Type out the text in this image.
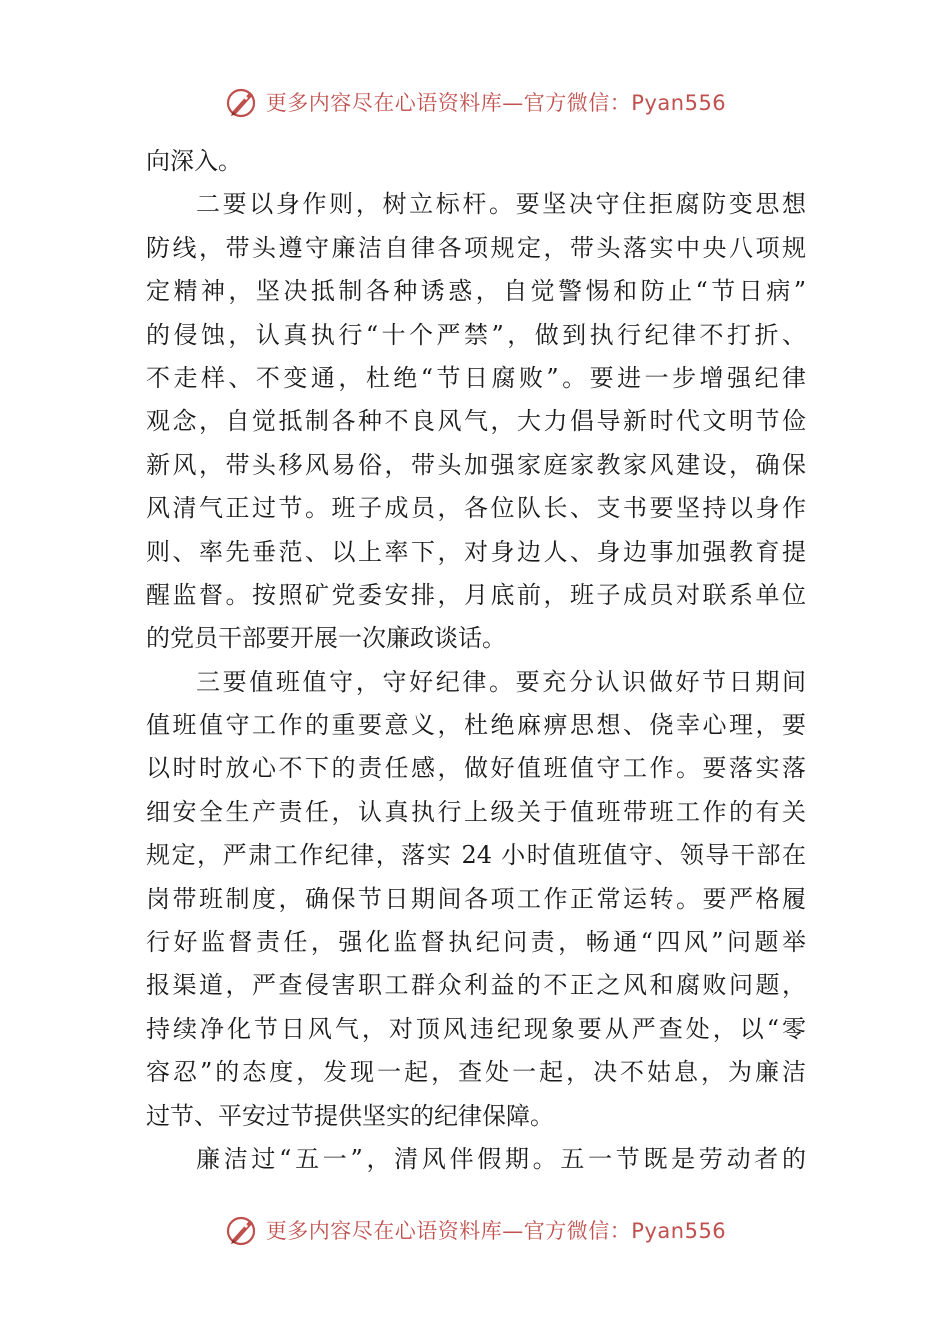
更多内容尽在心语资料库—官方微信：Pyan556
向深入。
二要以身作则，树立标杆。要坚决守住拒腐防变思想
防线，带头遵守廉洁自律各项规定，带头落实中央八项规
定精神，坚决抵制各种诱惑，自觉警惕和防止“节日病”
的侵蚀，认真执行“十个严禁”，做到执行纪律不打折、
不走样、不变通，杜绝“节日腐败”。要进一步增强纪律
观念，自觉抵制各种不良风气，大力倡导新时代文明节俭
新风，带头移风易俗，带头加强家庭家教家风建设，确保
风清气正过节。班子成员，各位队长、支书要坚持以身作
则、率先垂范、以上率下，对身边人、身边事加强教育提
醒监督。按照矿党委安排，月底前，班子成员对联系单位
的党员干部要开展一次廉政谈话。
三要值班值守，守好纪律。要充分认识做好节日期间
值班值守工作的重要意义，杜绝麻痹思想、侥幸心理，要
以时时放心不下的责任感，做好值班值守工作。要落实落
细安全生产责任，认真执行上级关于值班带班工作的有关
规定，严肃工作纪律，落实 24 小时值班值守、领导干部在
岗带班制度，确保节日期间各项工作正常运转。要严格履
行好监督责任，强化监督执纪问责，畅通“四风”问题举
报渠道，严查侵害职工群众利益的不正之风和腐败问题，
持续净化节日风气，对顶风违纪现象要从严查处，以“零
容忍”的态度，发现一起，查处一起，决不姑息，为廉洁
过节、平安过节提供坚实的纪律保障。
廉洁过“五一”，清风伴假期。五一节既是劳动者的
更多内容尽在心语资料库—官方微信：Pyan556
